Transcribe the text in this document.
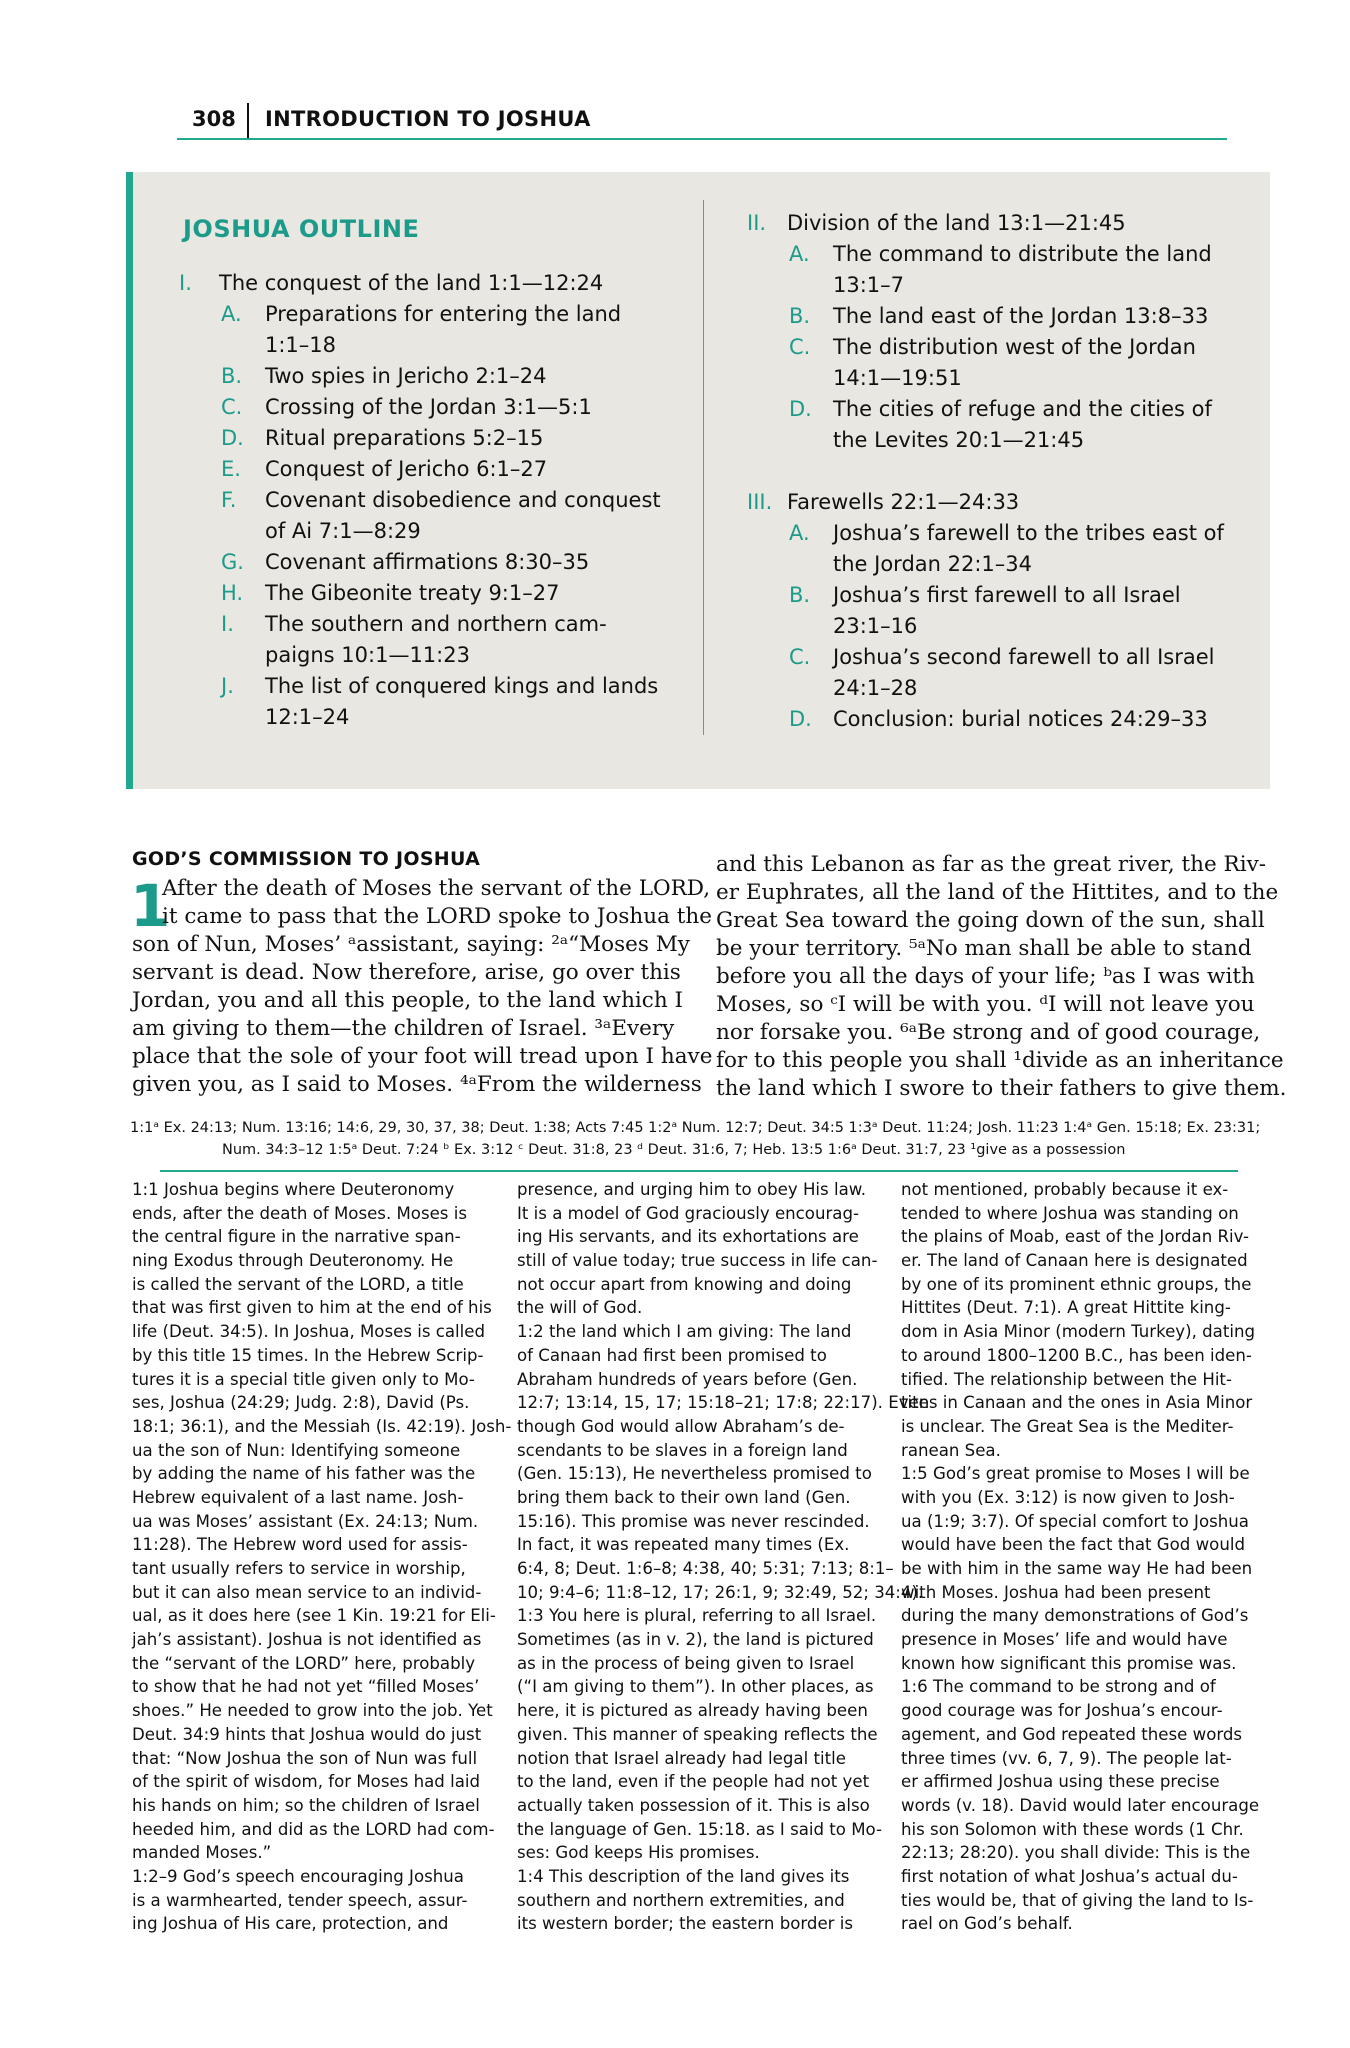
308 INTRODUCTION TO JOSHUA
JOSHUA OUTLINE
I. The conquest of the land 1:1—12:24
A. Preparations for entering the land
1:1–18
B. Two spies in Jericho 2:1–24
C. Crossing of the Jordan 3:1—5:1
D. Ritual preparations 5:2–15
E. Conquest of Jericho 6:1–27
F. Covenant disobedience and conquest
of Ai 7:1—8:29
G. Covenant affirmations 8:30–35
H. The Gibeonite treaty 9:1–27
I. The southern and northern cam-
paigns 10:1—11:23
J. The list of conquered kings and lands
12:1–24
II. Division of the land 13:1—21:45
A. The command to distribute the land
13:1–7
B. The land east of the Jordan 13:8–33
C. The distribution west of the Jordan
14:1—19:51
D. The cities of refuge and the cities of
the Levites 20:1—21:45
III. Farewells 22:1—24:33
A. Joshua’s farewell to the tribes east of
the Jordan 22:1–34
B. Joshua’s first farewell to all Israel
23:1–16
C. Joshua’s second farewell to all Israel
24:1–28
D. Conclusion: burial notices 24:29–33
GOD’S COMMISSION TO JOSHUA
1
After the death of Moses the servant of the LORD,
it came to pass that the LORD spoke to Joshua the
son of Nun, Moses’ ᵃassistant, saying: ²ᵃ“Moses My
servant is dead. Now therefore, arise, go over this
Jordan, you and all this people, to the land which I
am giving to them—the children of Israel. ³ᵃEvery
place that the sole of your foot will tread upon I have
given you, as I said to Moses. ⁴ᵃFrom the wilderness
and this Lebanon as far as the great river, the Riv-
er Euphrates, all the land of the Hittites, and to the
Great Sea toward the going down of the sun, shall
be your territory. ⁵ᵃNo man shall be able to stand
before you all the days of your life; ᵇas I was with
Moses, so ᶜI will be with you. ᵈI will not leave you
nor forsake you. ⁶ᵃBe strong and of good courage,
for to this people you shall ¹divide as an inheritance
the land which I swore to their fathers to give them.
1:1ᵃ Ex. 24:13; Num. 13:16; 14:6, 29, 30, 37, 38; Deut. 1:38; Acts 7:45 1:2ᵃ Num. 12:7; Deut. 34:5 1:3ᵃ Deut. 11:24; Josh. 11:23 1:4ᵃ Gen. 15:18; Ex. 23:31;
Num. 34:3–12 1:5ᵃ Deut. 7:24 ᵇ Ex. 3:12 ᶜ Deut. 31:8, 23 ᵈ Deut. 31:6, 7; Heb. 13:5 1:6ᵃ Deut. 31:7, 23 ¹give as a possession
1:1 Joshua begins where Deuteronomy
ends, after the death of Moses. Moses is
the central figure in the narrative span-
ning Exodus through Deuteronomy. He
is called the servant of the LORD, a title
that was first given to him at the end of his
life (Deut. 34:5). In Joshua, Moses is called
by this title 15 times. In the Hebrew Scrip-
tures it is a special title given only to Mo-
ses, Joshua (24:29; Judg. 2:8), David (Ps.
18:1; 36:1), and the Messiah (Is. 42:19). Josh-
ua the son of Nun: Identifying someone
by adding the name of his father was the
Hebrew equivalent of a last name. Josh-
ua was Moses’ assistant (Ex. 24:13; Num.
11:28). The Hebrew word used for assis-
tant usually refers to service in worship,
but it can also mean service to an individ-
ual, as it does here (see 1 Kin. 19:21 for Eli-
jah’s assistant). Joshua is not identified as
the “servant of the LORD” here, probably
to show that he had not yet “filled Moses’
shoes.” He needed to grow into the job. Yet
Deut. 34:9 hints that Joshua would do just
that: “Now Joshua the son of Nun was full
of the spirit of wisdom, for Moses had laid
his hands on him; so the children of Israel
heeded him, and did as the LORD had com-
manded Moses.”
1:2–9 God’s speech encouraging Joshua
is a warmhearted, tender speech, assur-
ing Joshua of His care, protection, and
presence, and urging him to obey His law.
It is a model of God graciously encourag-
ing His servants, and its exhortations are
still of value today; true success in life can-
not occur apart from knowing and doing
the will of God.
1:2 the land which I am giving: The land
of Canaan had first been promised to
Abraham hundreds of years before (Gen.
12:7; 13:14, 15, 17; 15:18–21; 17:8; 22:17). Even
though God would allow Abraham’s de-
scendants to be slaves in a foreign land
(Gen. 15:13), He nevertheless promised to
bring them back to their own land (Gen.
15:16). This promise was never rescinded.
In fact, it was repeated many times (Ex.
6:4, 8; Deut. 1:6–8; 4:38, 40; 5:31; 7:13; 8:1–
10; 9:4–6; 11:8–12, 17; 26:1, 9; 32:49, 52; 34:4).
1:3 You here is plural, referring to all Israel.
Sometimes (as in v. 2), the land is pictured
as in the process of being given to Israel
(“I am giving to them”). In other places, as
here, it is pictured as already having been
given. This manner of speaking reflects the
notion that Israel already had legal title
to the land, even if the people had not yet
actually taken possession of it. This is also
the language of Gen. 15:18. as I said to Mo-
ses: God keeps His promises.
1:4 This description of the land gives its
southern and northern extremities, and
its western border; the eastern border is
not mentioned, probably because it ex-
tended to where Joshua was standing on
the plains of Moab, east of the Jordan Riv-
er. The land of Canaan here is designated
by one of its prominent ethnic groups, the
Hittites (Deut. 7:1). A great Hittite king-
dom in Asia Minor (modern Turkey), dating
to around 1800–1200 B.C., has been iden-
tified. The relationship between the Hit-
tites in Canaan and the ones in Asia Minor
is unclear. The Great Sea is the Mediter-
ranean Sea.
1:5 God’s great promise to Moses I will be
with you (Ex. 3:12) is now given to Josh-
ua (1:9; 3:7). Of special comfort to Joshua
would have been the fact that God would
be with him in the same way He had been
with Moses. Joshua had been present
during the many demonstrations of God’s
presence in Moses’ life and would have
known how significant this promise was.
1:6 The command to be strong and of
good courage was for Joshua’s encour-
agement, and God repeated these words
three times (vv. 6, 7, 9). The people lat-
er affirmed Joshua using these precise
words (v. 18). David would later encourage
his son Solomon with these words (1 Chr.
22:13; 28:20). you shall divide: This is the
first notation of what Joshua’s actual du-
ties would be, that of giving the land to Is-
rael on God’s behalf.
